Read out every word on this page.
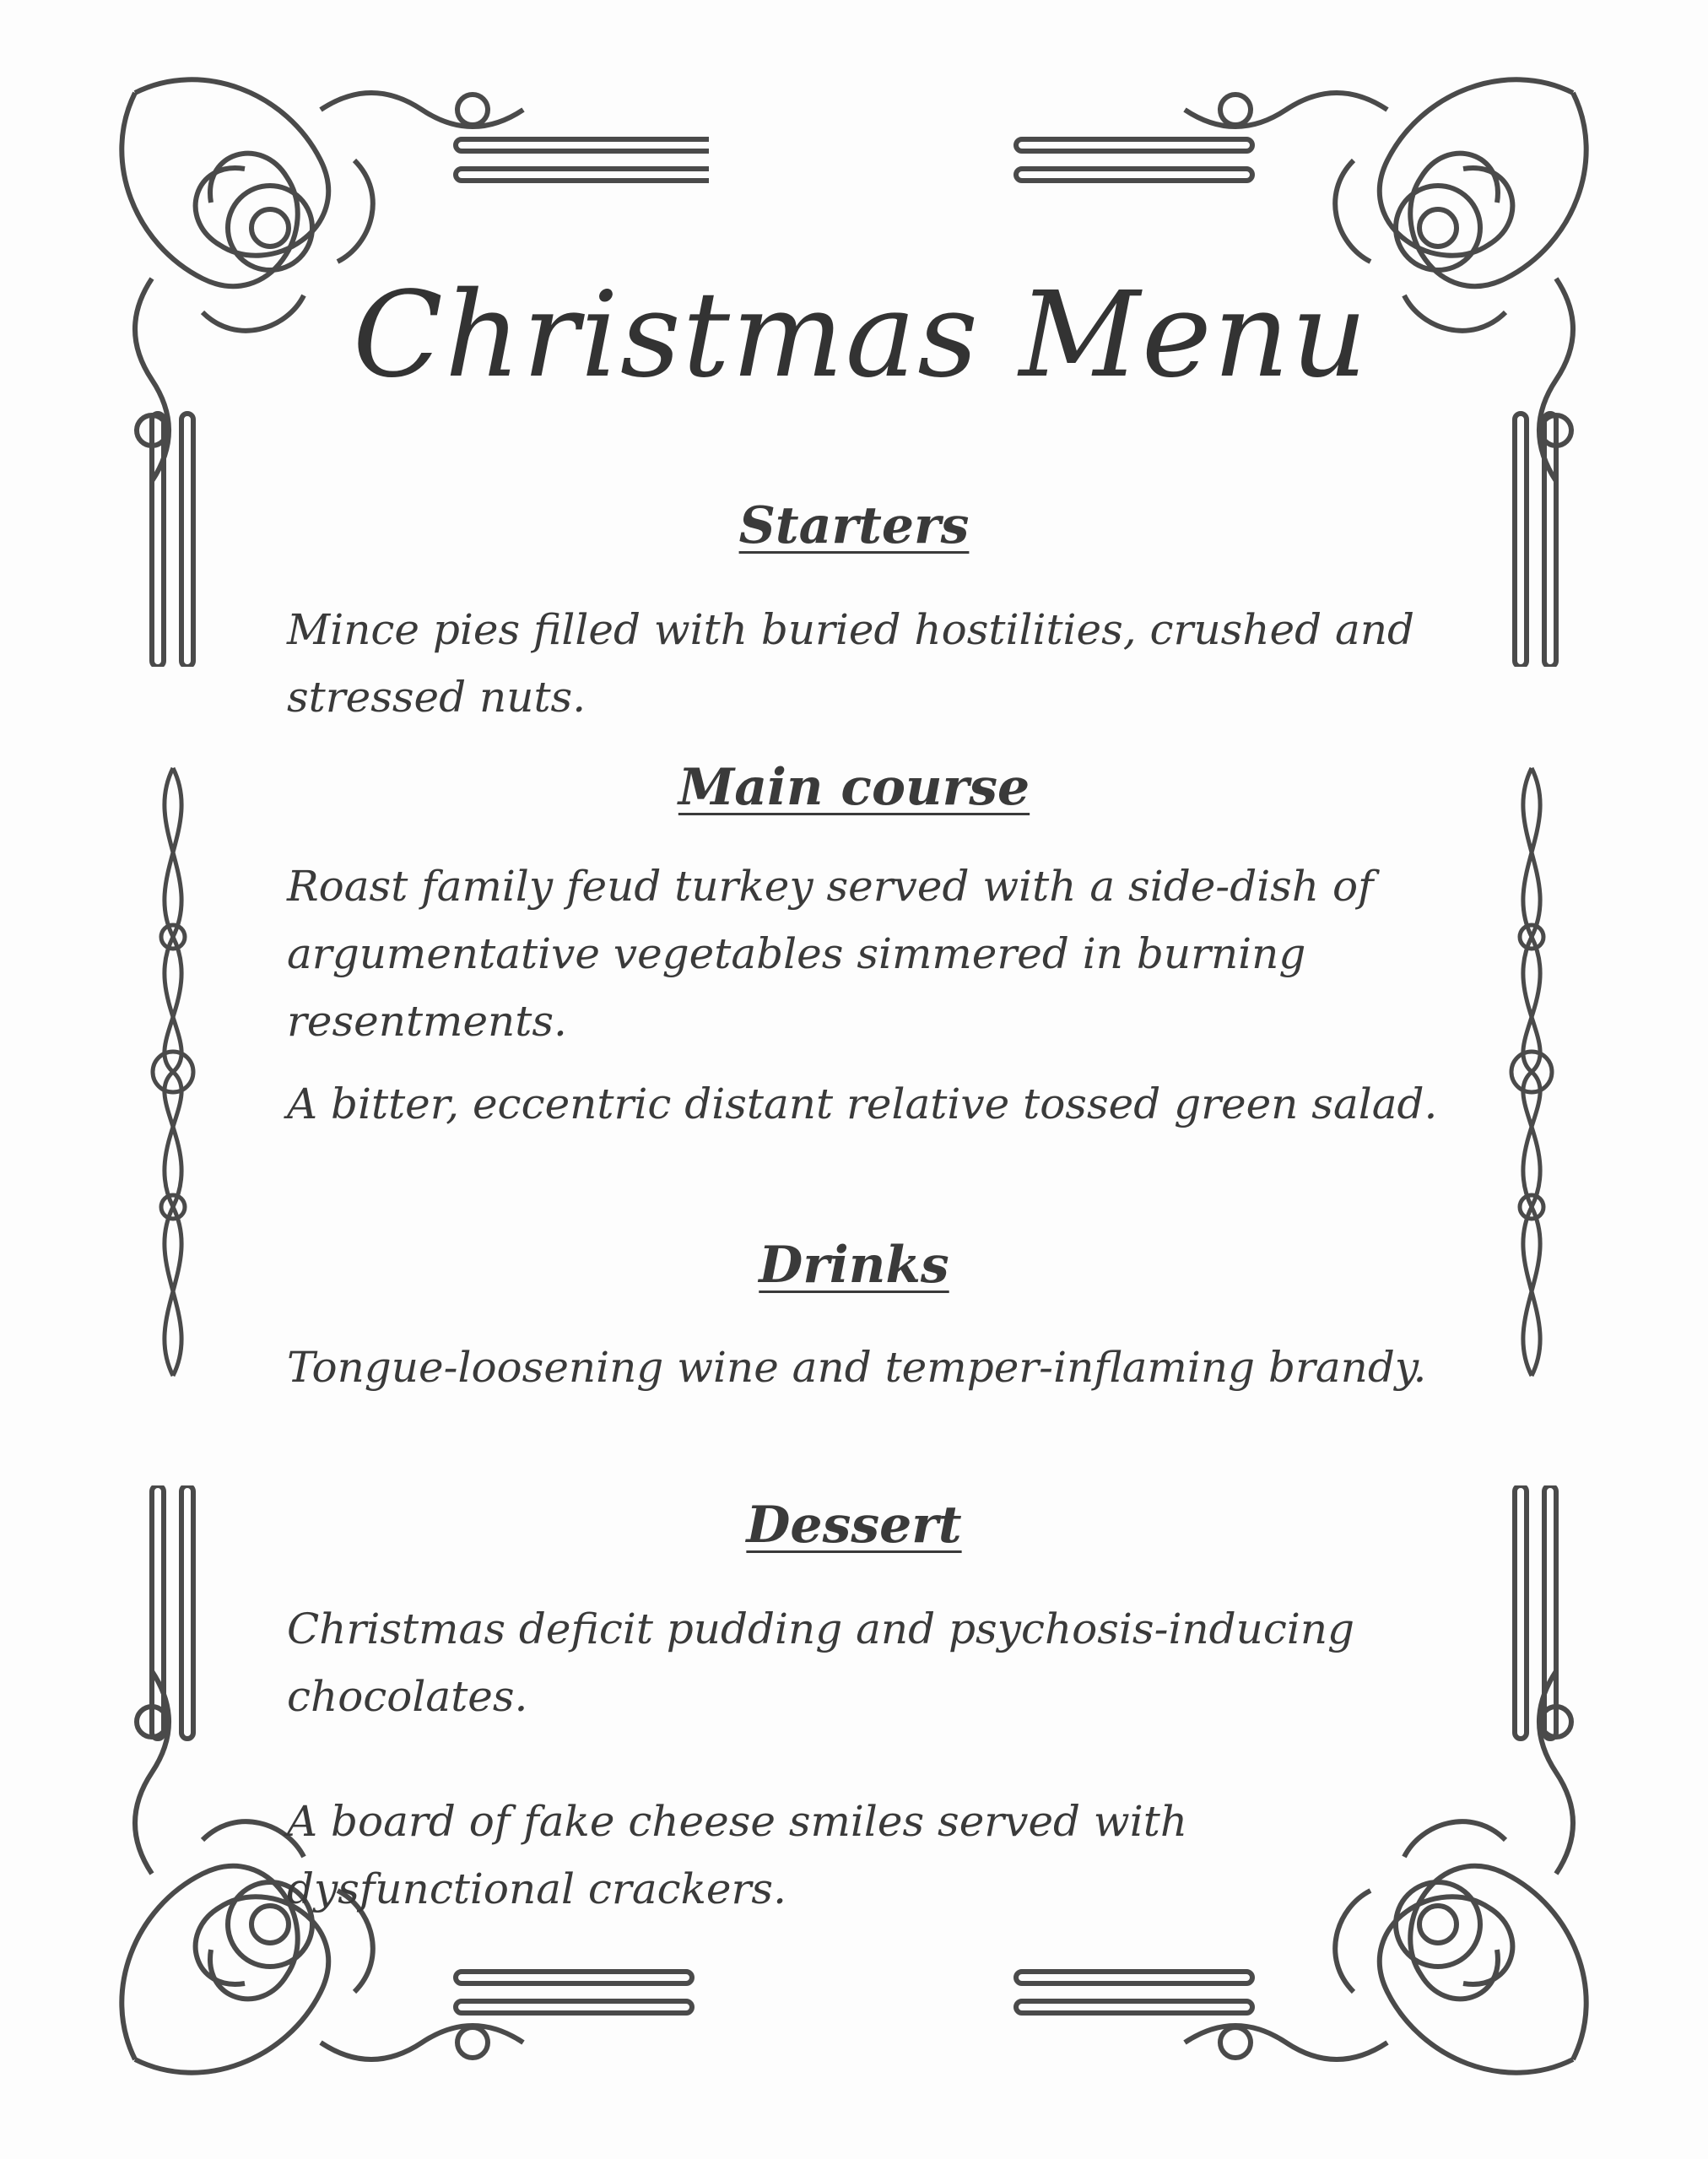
Christmas Menu
Starters
Mince pies filled with buried hostilities, crushed and stressed nuts.
Main course
Roast family feud turkey served with a side-dish of argumentative vegetables simmered in burning resentments.
A bitter, eccentric distant relative tossed green salad.
Drinks
Tongue-loosening wine and temper-inflaming brandy.
Dessert
Christmas deficit pudding and psychosis-inducing chocolates.
A board of fake cheese smiles served with dysfunctional crackers.
